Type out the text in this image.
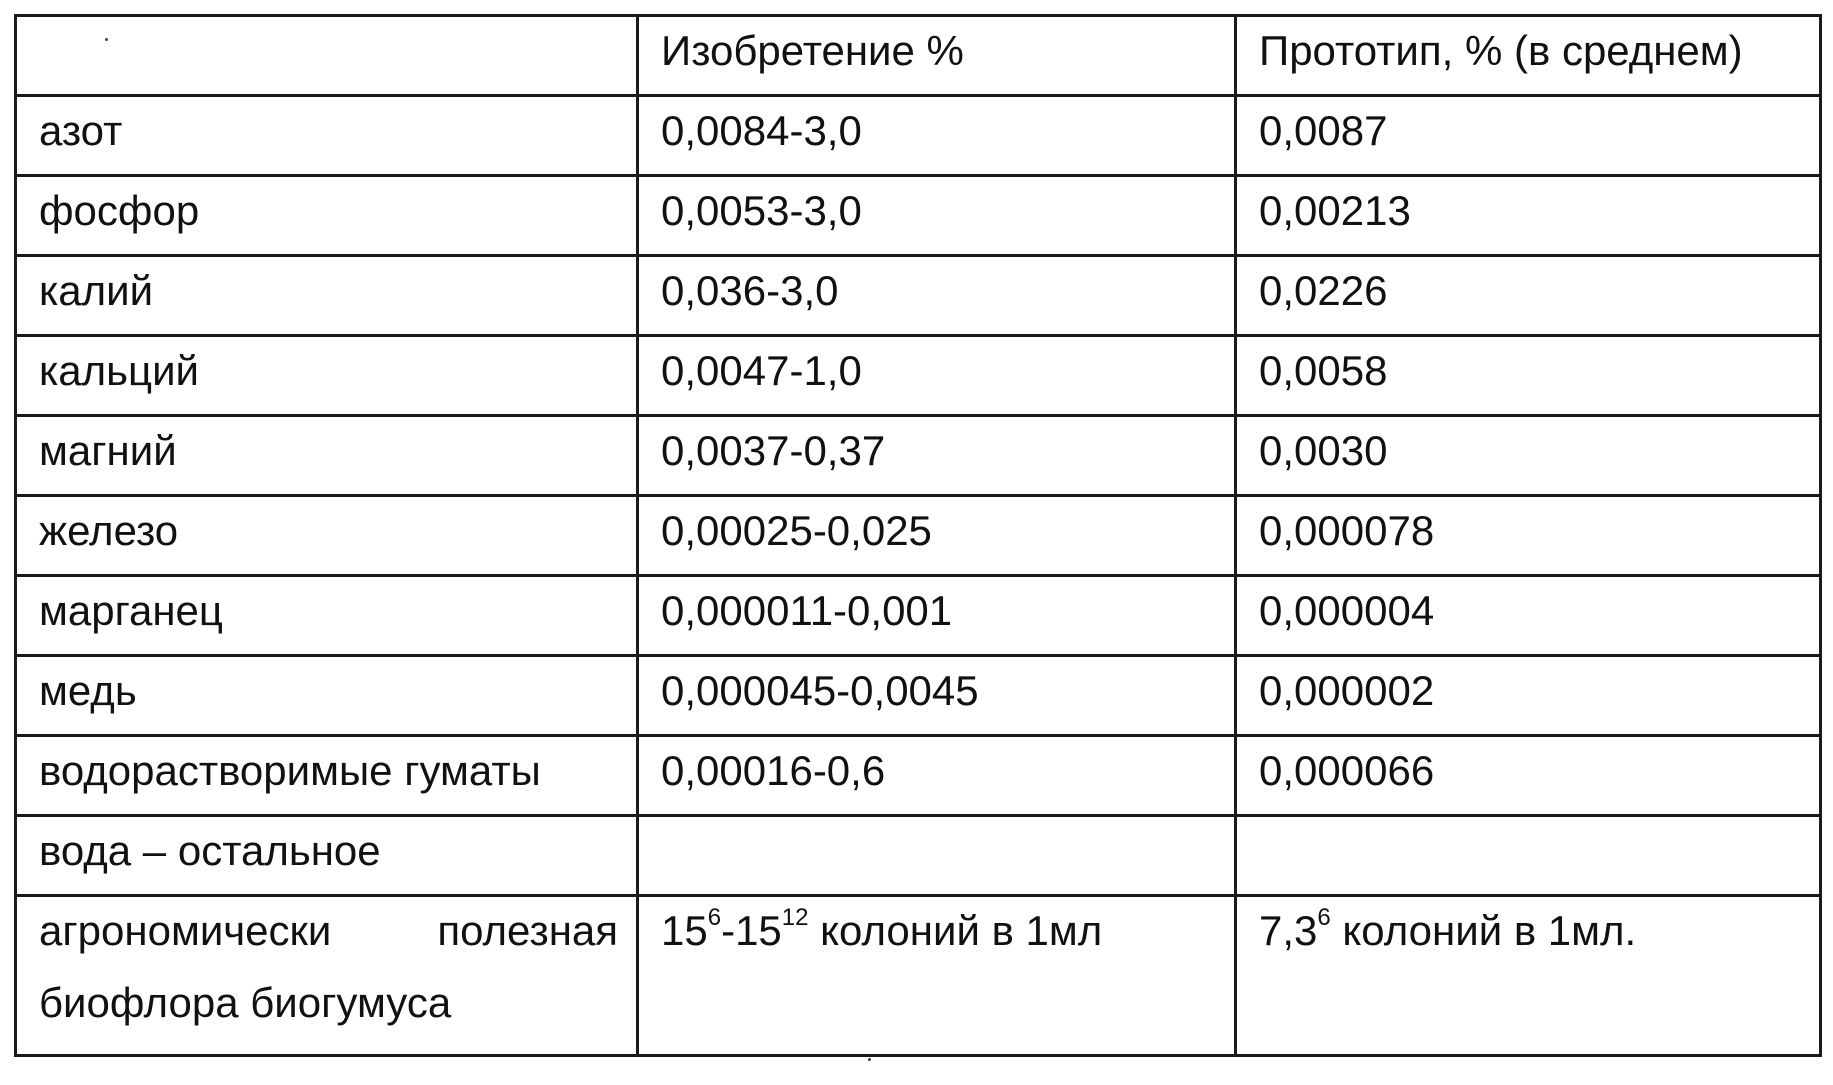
	Изобретение %	Прототип, % (в среднем)

азот	0,0084-3,0	0,0087

фосфор	0,0053-3,0	0,00213

калий	0,036-3,0	0,0226

кальций	0,0047-1,0	0,0058

магний	0,0037-0,37	0,0030

железо	0,00025-0,025	0,000078

марганец	0,000011-0,001	0,000004

медь	0,000045-0,0045	0,000002

водорастворимые гуматы	0,00016-0,6	0,000066

вода – остальное		

агрономически полезная
биофлора биогумуса	$15^6-15^{12}$ колоний в 1мл	$7,3^6$ колоний в 1мл.
